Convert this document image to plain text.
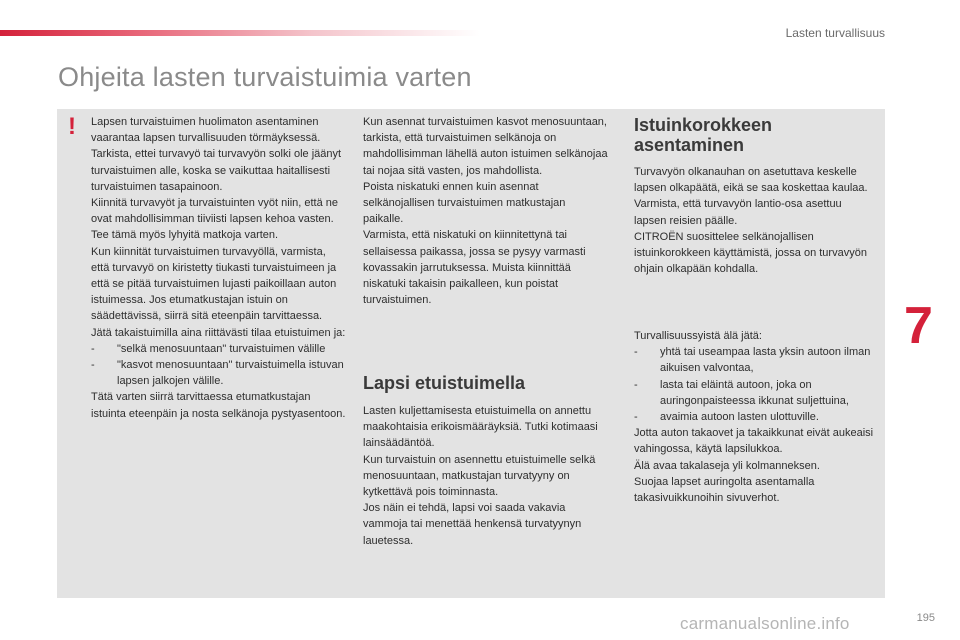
Lasten turvallisuus
Ohjeita lasten turvaistuimia varten
! Lapsen turvaistuimen huolimaton asentaminen vaarantaa lapsen turvallisuuden törmäyksessä.

Tarkista, ettei turvavyö tai turvavyön solki ole jäänyt turvaistuimen alle, koska se vaikuttaa haitallisesti turvaistuimen tasapainoon.

Kiinnitä turvavyöt ja turvaistuinten vyöt niin, että ne ovat mahdollisimman tiiviisti lapsen kehoa vasten. Tee tämä myös lyhyitä matkoja varten.

Kun kiinnität turvaistuimen turvavyöllä, varmista, että turvavyö on kiristetty tiukasti turvaistuimeen ja että se pitää turvaistuimen lujasti paikoillaan auton istuimessa. Jos etumatkustajan istuin on säädettävissä, siirrä sitä eteenpäin tarvittaessa.

Jätä takaistuimilla aina riittävästi tilaa etuistuimen ja:

-	"selkä menosuuntaan" turvaistuimen välille
-	"kasvot menosuuntaan" turvaistuimella istuvan lapsen jalkojen välille.

Tätä varten siirrä tarvittaessa etumatkustajan istuinta eteenpäin ja nosta selkänoja pystyasentoon.

Kun asennat turvaistuimen kasvot menosuuntaan, tarkista, että turvaistuimen selkänoja on mahdollisimman lähellä auton istuimen selkänojaa tai nojaa sitä vasten, jos mahdollista.

Poista niskatuki ennen kuin asennat selkänojallisen turvaistuimen matkustajan paikalle.

Varmista, että niskatuki on kiinnitettynä tai sellaisessa paikassa, jossa se pysyy varmasti kovassakin jarrutuksessa. Muista kiinnittää niskatuki takaisin paikalleen, kun poistat turvaistuimen.

Lapsi etuistuimella

Lasten kuljettamisesta etuistuimella on annettu maakohtaisia erikoismääräyksiä. Tutki kotimaasi lainsäädäntöä.

Kun turvaistuin on asennettu etuistuimelle selkä menosuuntaan, matkustajan turvatyyny on kytkettävä pois toiminnasta.

Jos näin ei tehdä, lapsi voi saada vakavia vammoja tai menettää henkensä turvatyynyn lauetessa.

Istuinkorokkeen asentaminen

Turvavyön olkanauhan on asetuttava keskelle lapsen olkapäätä, eikä se saa koskettaa kaulaa.

Varmista, että turvavyön lantio-osa asettuu lapsen reisien päälle.

CITROËN suosittelee selkänojallisen istuinkorokkeen käyttämistä, jossa on turvavyön ohjain olkapään kohdalla.

Turvallisuussyistä älä jätä:

-	yhtä tai useampaa lasta yksin autoon ilman aikuisen valvontaa,
-	lasta tai eläintä autoon, joka on auringonpaisteessa ikkunat suljettuina,
-	avaimia autoon lasten ulottuville.

Jotta auton takaovet ja takaikkunat eivät aukeaisi vahingossa, käytä lapsilukkoa.

Älä avaa takalaseja yli kolmanneksen.

Suojaa lapset auringolta asentamalla takasivuikkunoihin sivuverhot.

7
carmanualsonline.info	195
